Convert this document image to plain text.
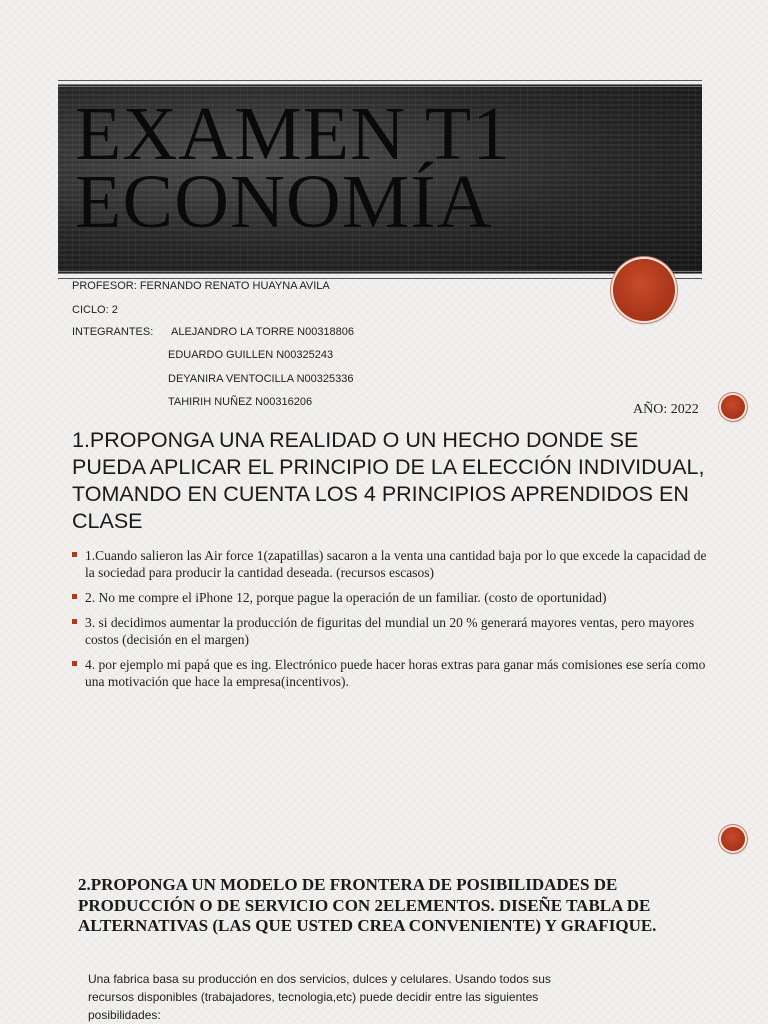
EXAMEN T1
ECONOMÍA
PROFESOR: FERNANDO RENATO HUAYNA AVILA
CICLO: 2
INTEGRANTES: ALEJANDRO LA TORRE N00318806
EDUARDO GUILLEN N00325243
DEYANIRA VENTOCILLA N00325336
TAHIRIH NUÑEZ N00316206	AÑO: 2022
1.PROPONGA UNA REALIDAD O UN HECHO DONDE SE PUEDA APLICAR EL PRINCIPIO DE LA ELECCIÓN INDIVIDUAL, TOMANDO EN CUENTA LOS 4 PRINCIPIOS APRENDIDOS EN CLASE
1.Cuando salieron las Air force 1(zapatillas) sacaron a la venta una cantidad baja por lo que excede la capacidad de la sociedad para producir la cantidad deseada. (recursos escasos)
2. No me compre el iPhone 12, porque pague la operación de un familiar. (costo de oportunidad)
3. si decidimos aumentar la producción de figuritas del mundial un 20 % generará mayores ventas, pero mayores costos (decisión en el margen)
4. por ejemplo mi papá que es ing. Electrónico puede hacer horas extras para ganar más comisiones ese sería como una motivación que hace la empresa(incentivos).
2.PROPONGA UN MODELO DE FRONTERA DE POSIBILIDADES DE PRODUCCIÓN O DE SERVICIO CON 2ELEMENTOS. DISEÑE TABLA DE ALTERNATIVAS (LAS QUE USTED CREA CONVENIENTE) Y GRAFIQUE.

Una fabrica basa su producción en dos servicios, dulces y celulares. Usando todos sus recursos disponibles (trabajadores, tecnologia,etc) puede decidir entre las siguientes posibilidades:
